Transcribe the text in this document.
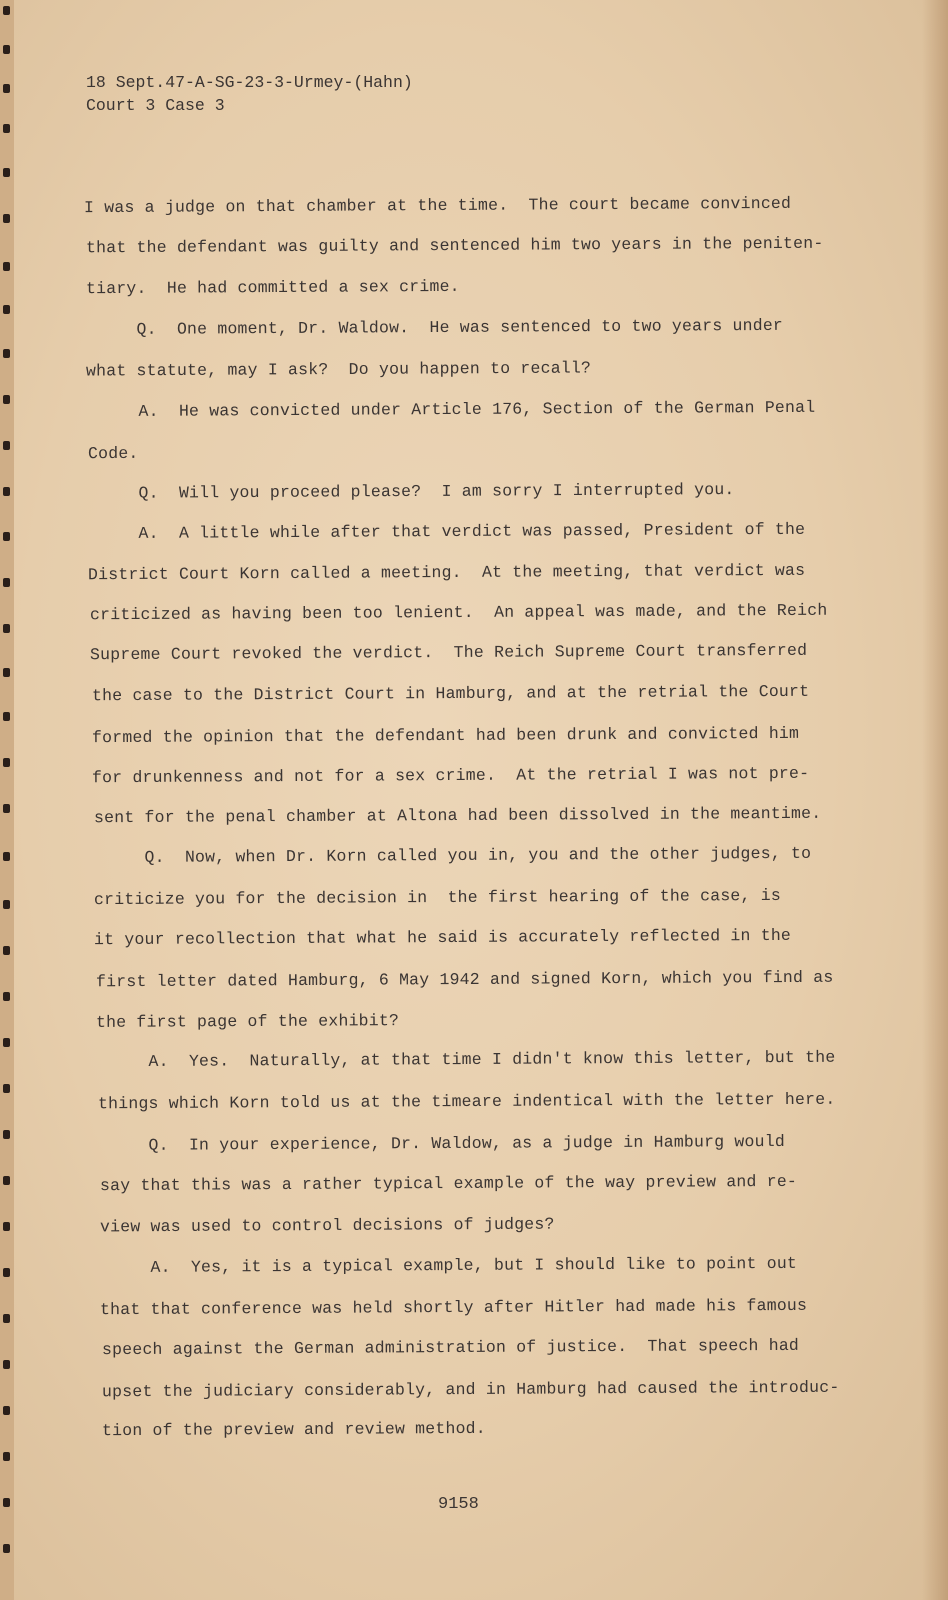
18 Sept.47-A-SG-23-3-Urmey-(Hahn)
Court 3 Case 3
I was a judge on that chamber at the time.  The court became convinced
that the defendant was guilty and sentenced him two years in the peniten-
tiary.  He had committed a sex crime.
Q.  One moment, Dr. Waldow.  He was sentenced to two years under
what statute, may I ask?  Do you happen to recall?
A.  He was convicted under Article 176, Section of the German Penal
Code.
Q.  Will you proceed please?  I am sorry I interrupted you.
A.  A little while after that verdict was passed, President of the
District Court Korn called a meeting.  At the meeting, that verdict was
criticized as having been too lenient.  An appeal was made, and the Reich
Supreme Court revoked the verdict.  The Reich Supreme Court transferred
the case to the District Court in Hamburg, and at the retrial the Court
formed the opinion that the defendant had been drunk and convicted him
for drunkenness and not for a sex crime.  At the retrial I was not pre-
sent for the penal chamber at Altona had been dissolved in the meantime.
Q.  Now, when Dr. Korn called you in, you and the other judges, to
criticize you for the decision in  the first hearing of the case, is
it your recollection that what he said is accurately reflected in the
first letter dated Hamburg, 6 May 1942 and signed Korn, which you find as
the first page of the exhibit?
A.  Yes.  Naturally, at that time I didn't know this letter, but the
things which Korn told us at the timeare indentical with the letter here.
Q.  In your experience, Dr. Waldow, as a judge in Hamburg would
say that this was a rather typical example of the way preview and re-
view was used to control decisions of judges?
A.  Yes, it is a typical example, but I should like to point out
that that conference was held shortly after Hitler had made his famous
speech against the German administration of justice.  That speech had
upset the judiciary considerably, and in Hamburg had caused the introduc-
tion of the preview and review method.
9158
